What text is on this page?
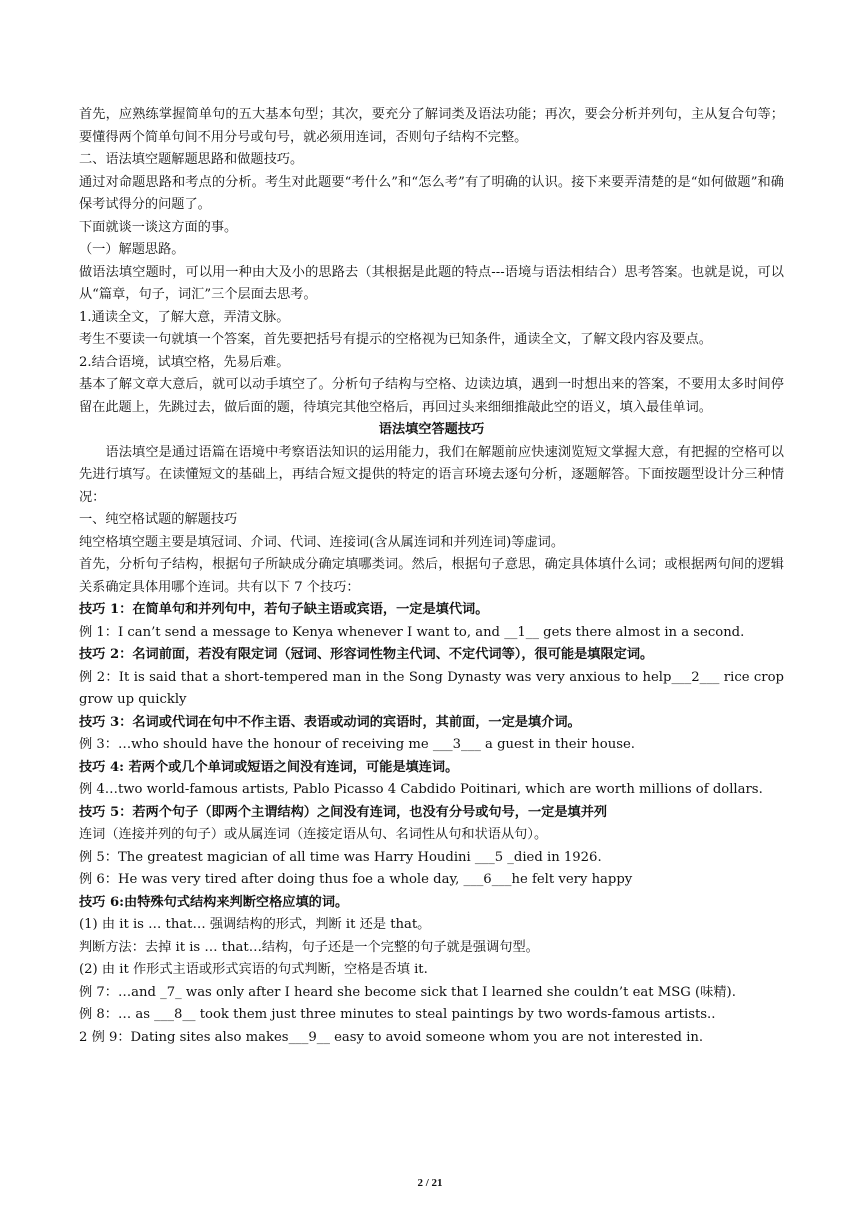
首先，应熟练掌握简单句的五大基本句型；其次，要充分了解词类及语法功能；再次，要会分析并列句，主从复合句等；要懂得两个简单句间不用分号或句号，就必须用连词，否则句子结构不完整。
二、语法填空题解题思路和做题技巧。
通过对命题思路和考点的分析。考生对此题要“考什么”和“怎么考”有了明确的认识。接下来要弄清楚的是“如何做题”和确保考试得分的问题了。
下面就谈一谈这方面的事。
（一）解题思路。
做语法填空题时，可以用一种由大及小的思路去（其根据是此题的特点---语境与语法相结合）思考答案。也就是说，可以从“篇章，句子，词汇”三个层面去思考。
1.通读全文，了解大意，弄清文脉。
考生不要读一句就填一个答案，首先要把括号有提示的空格视为已知条件，通读全文，了解文段内容及要点。
2.结合语境，试填空格，先易后难。
基本了解文章大意后，就可以动手填空了。分析句子结构与空格、边读边填，遇到一时想出来的答案，不要用太多时间停留在此题上，先跳过去，做后面的题，待填完其他空格后，再回过头来细细推敲此空的语义，填入最佳单词。
语法填空答题技巧
语法填空是通过语篇在语境中考察语法知识的运用能力，我们在解题前应快速浏览短文掌握大意，有把握的空格可以先进行填写。在读懂短文的基础上，再结合短文提供的特定的语言环境去逐句分析，逐题解答。下面按题型设计分三种情况：
一、纯空格试题的解题技巧
纯空格填空题主要是填冠词、介词、代词、连接词(含从属连词和并列连词)等虚词。
首先，分析句子结构，根据句子所缺成分确定填哪类词。然后，根据句子意思，确定具体填什么词；或根据两句间的逻辑关系确定具体用哪个连词。共有以下 7 个技巧：
技巧 1：在简单句和并列句中，若句子缺主语或宾语，一定是填代词。
例 1：I can’t send a message to Kenya whenever I want to, and __1__ gets there almost in a second.
技巧 2：名词前面，若没有限定词（冠词、形容词性物主代词、不定代词等），很可能是填限定词。
例 2：It is said that a short-tempered man in the Song Dynasty was very anxious to help___2___ rice crop grow up quickly
技巧 3：名词或代词在句中不作主语、表语或动词的宾语时，其前面，一定是填介词。
例 3：…who should have the honour of receiving me ___3___ a guest in their house.
技巧 4: 若两个或几个单词或短语之间没有连词，可能是填连词。
例 4…two world-famous artists, Pablo Picasso 4 Cabdido Poitinari, which are worth millions of dollars.
技巧 5：若两个句子（即两个主谓结构）之间没有连词，也没有分号或句号，一定是填并列
连词（连接并列的句子）或从属连词（连接定语从句、名词性从句和状语从句）。
例 5：The greatest magician of all time was Harry Houdini ___5 _died in 1926.
例 6：He was very tired after doing thus foe a whole day, ___6___he felt very happy
技巧 6:由特殊句式结构来判断空格应填的词。
(1) 由 it is … that… 强调结构的形式，判断 it 还是 that。
判断方法：去掉 it is … that…结构，句子还是一个完整的句子就是强调句型。
(2) 由 it 作形式主语或形式宾语的句式判断，空格是否填 it.
例 7：…and _7_ was only after I heard she become sick that I learned she couldn’t eat MSG (味精).
例 8：… as ___8__ took them just three minutes to steal paintings by two words-famous artists..
2 例 9：Dating sites also makes___9__ easy to avoid someone whom you are not interested in.
2 / 21
